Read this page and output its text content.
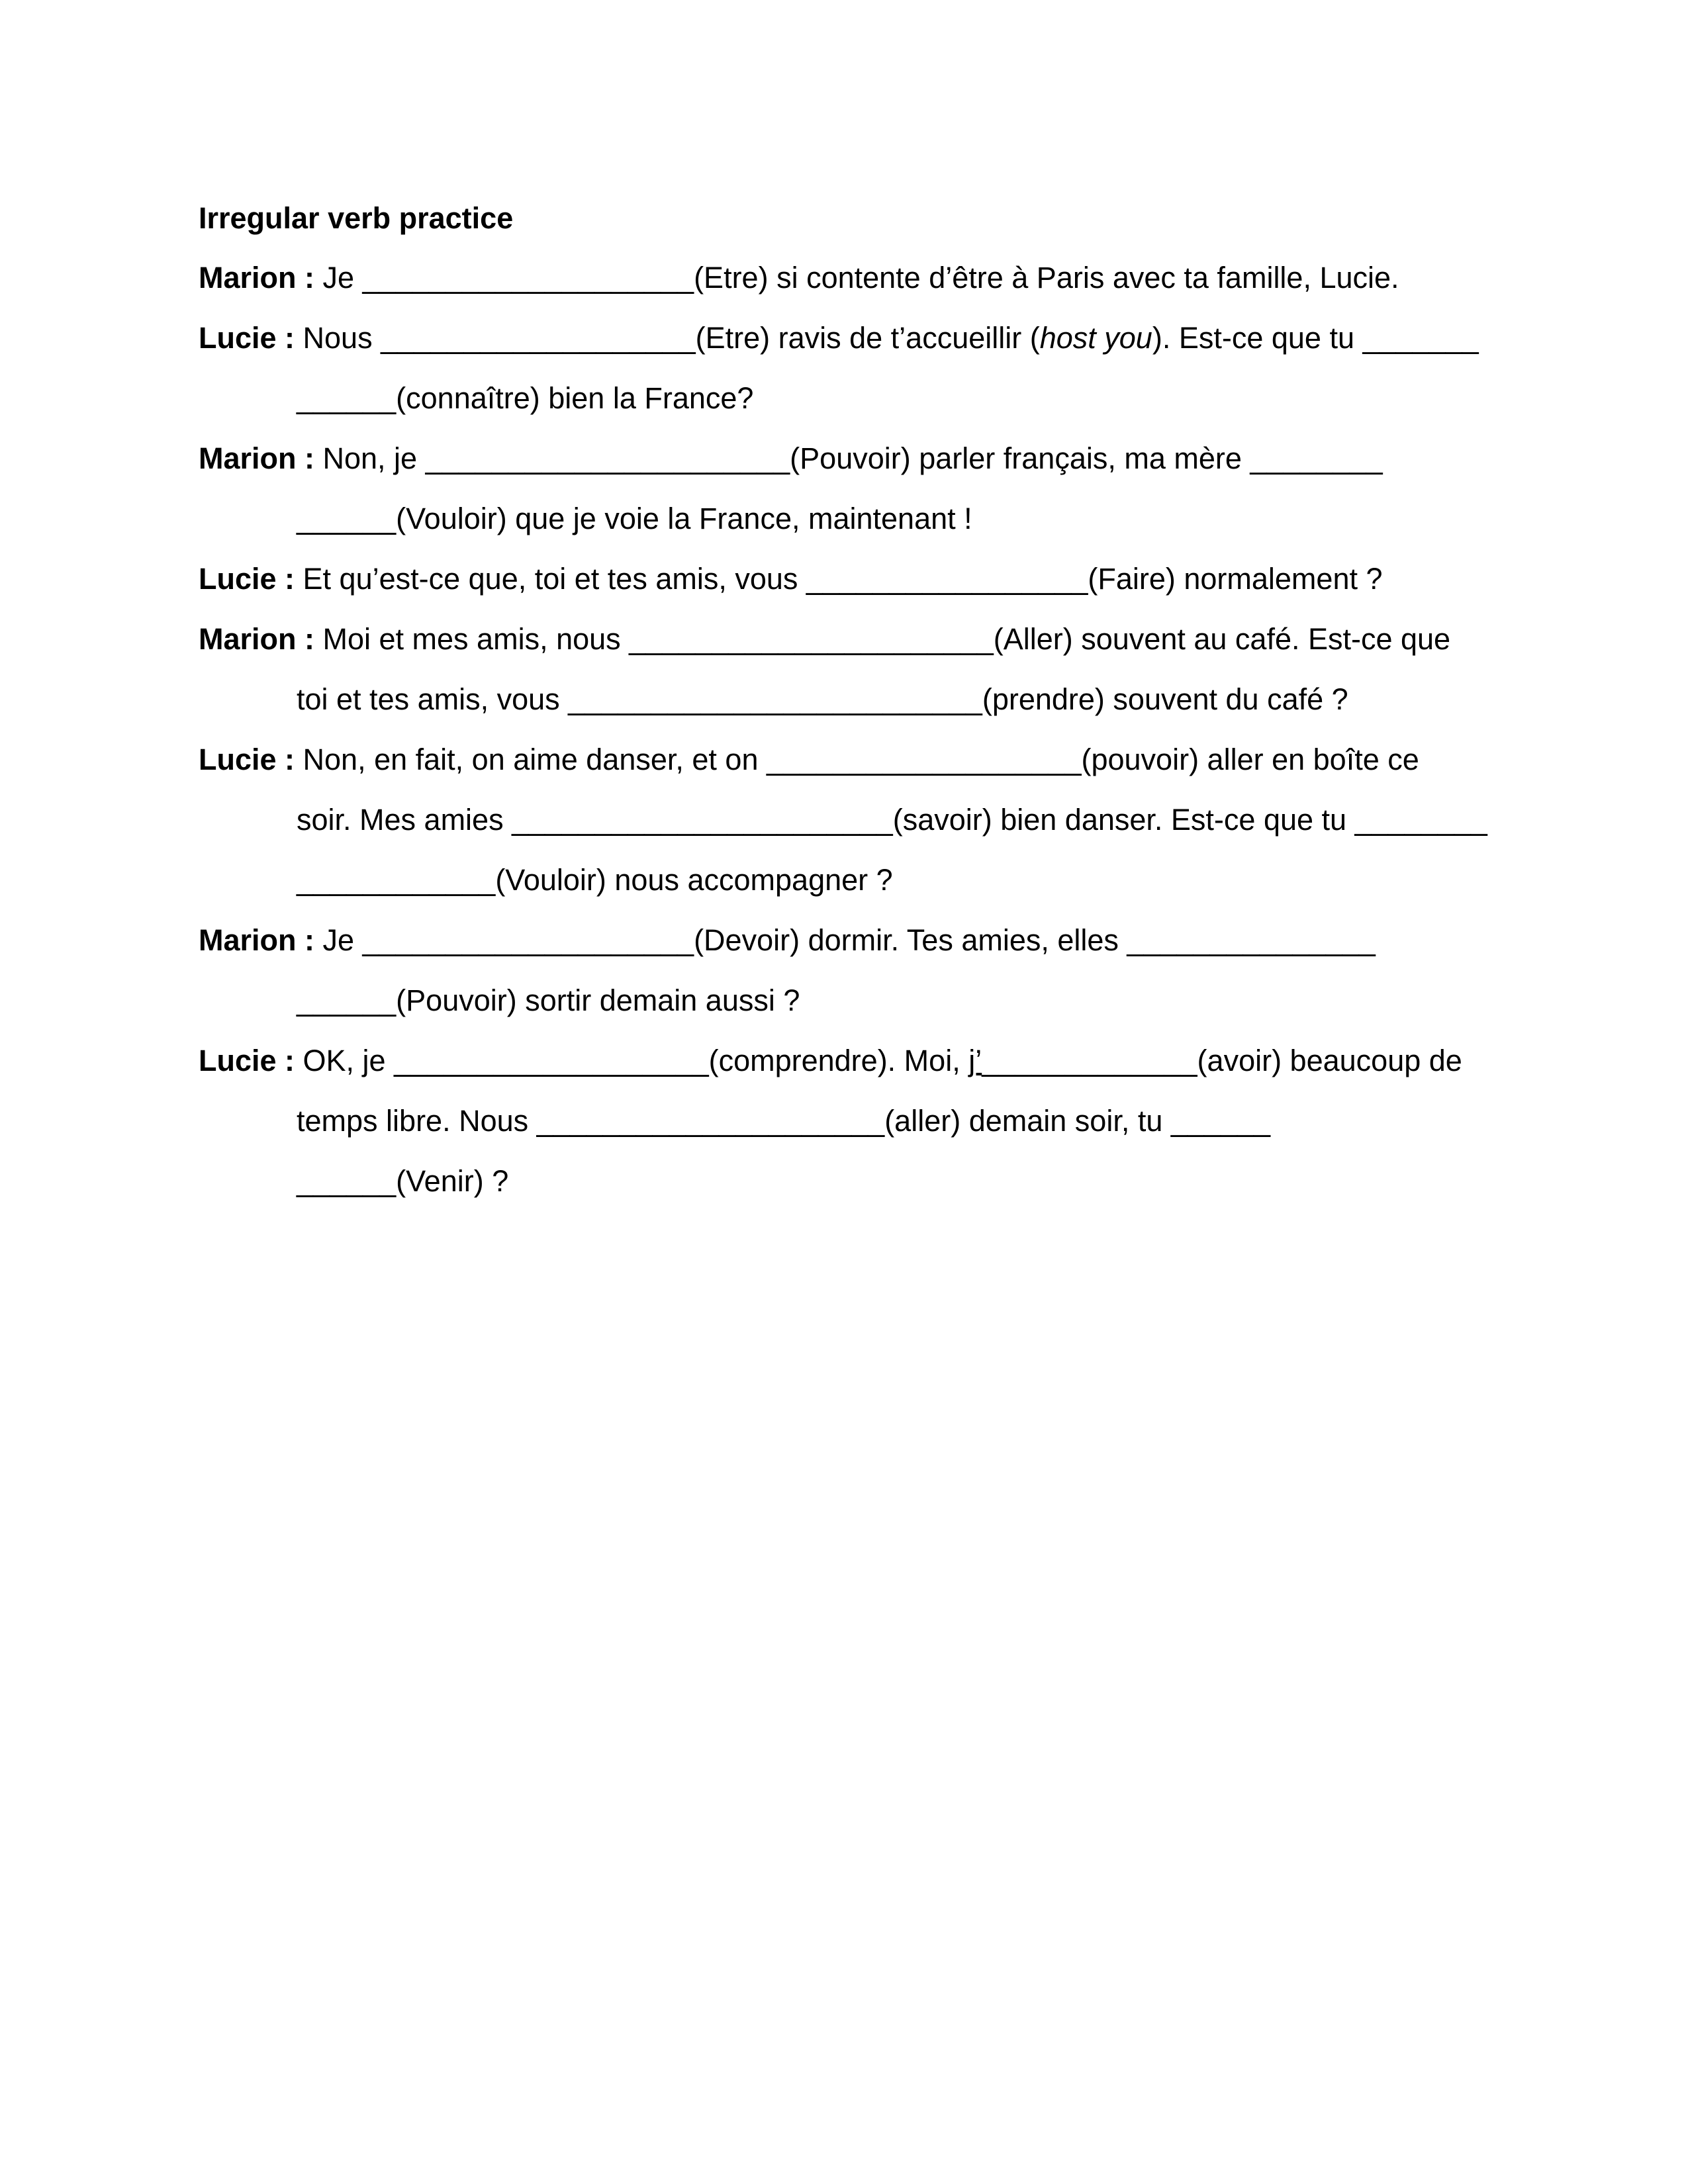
Irregular verb practice
Marion : Je ____________________(Etre) si contente d’être à Paris avec ta famille, Lucie.
Lucie : Nous ___________________(Etre) ravis de t’accueillir (host you). Est-ce que tu _______
______(connaître) bien la France?
Marion : Non, je ______________________(Pouvoir) parler français, ma mère ________
______(Vouloir) que je voie la France, maintenant !
Lucie : Et qu’est-ce que, toi et tes amis, vous _________________(Faire) normalement ?
Marion : Moi et mes amis, nous ______________________(Aller) souvent au café. Est-ce que
toi et tes amis, vous _________________________(prendre) souvent du café ?
Lucie : Non, en fait, on aime danser, et on ___________________(pouvoir) aller en boîte ce
soir. Mes amies _______________________(savoir) bien danser. Est-ce que tu ________
____________(Vouloir) nous accompagner ?
Marion : Je ____________________(Devoir) dormir. Tes amies, elles _______________
______(Pouvoir) sortir demain aussi ?
Lucie : OK, je ___________________(comprendre). Moi, j’_____________(avoir) beaucoup de
temps libre. Nous _____________________(aller) demain soir, tu ______
______(Venir) ?
